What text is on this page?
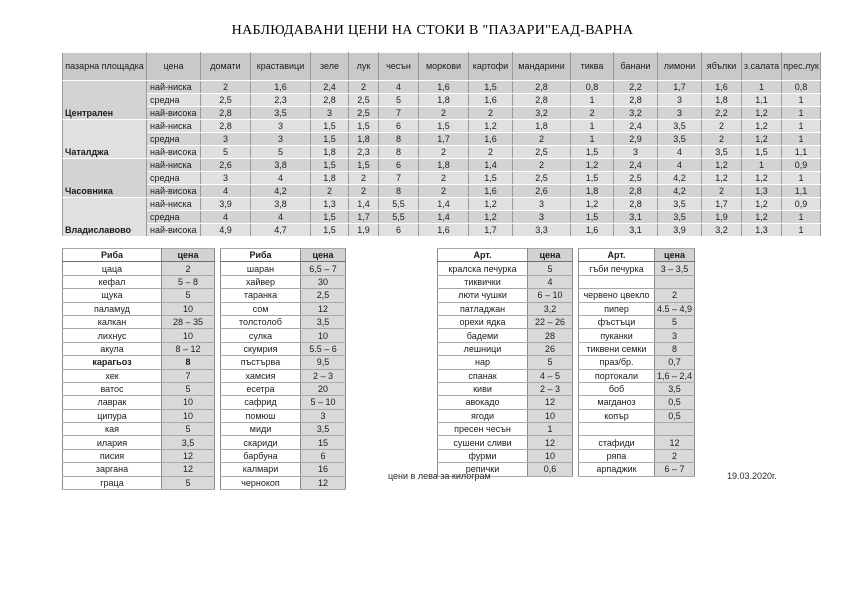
НАБЛЮДАВАНИ ЦЕНИ НА СТОКИ В "ПАЗАРИ"ЕАД-ВАРНА
пазарна площадка	цена	домати	краставици	зеле	лук	чесън	моркови	картофи	мандарини	тиква	банани	лимони	ябълки	з.салата	прес.лук
Централен	най-ниска	2	1,6	2,4	2	4	1,6	1,5	2,8	0,8	2,2	1,7	1,6	1	0,8
	средна	2,5	2,3	2,8	2,5	5	1,8	1,6	2,8	1	2,8	3	1,8	1,1	1
	най-висока	2,8	3,5	3	2,5	7	2	2	3,2	2	3,2	3	2,2	1,2	1
Чаталджа	най-ниска	2,8	3	1,5	1,5	6	1,5	1,2	1,8	1	2,4	3,5	2	1,2	1
	средна	3	3	1,5	1,8	8	1,7	1,6	2	1	2,9	3,5	2	1,2	1
	най-висока	5	5	1,8	2,3	8	2	2	2,5	1,5	3	4	3,5	1,5	1,1
Часовника	най-ниска	2,6	3,8	1,5	1,5	6	1,8	1,4	2	1,2	2,4	4	1,2	1	0,9
	средна	3	4	1,8	2	7	2	1,5	2,5	1,5	2,5	4,2	1,2	1,2	1
	най-висока	4	4,2	2	2	8	2	1,6	2,6	1,8	2,8	4,2	2	1,3	1,1
Владиславово	най-ниска	3,9	3,8	1,3	1,4	5,5	1,4	1,2	3	1,2	2,8	3,5	1,7	1,2	0,9
	средна	4	4	1,5	1,7	5,5	1,4	1,2	3	1,5	3,1	3,5	1,9	1,2	1
	най-висока	4,9	4,7	1,5	1,9	6	1,6	1,7	3,3	1,6	3,1	3,9	3,2	1,3	1
Риба	цена
цаца	2
кефал	5 – 8
щука	5
паламуд	10
калкан	28 – 35
лихнус	10
акула	8 – 12
карагьоз	8
хек	7
ватос	5
лаврак	10
ципура	10
кая	5
илария	3,5
писия	12
заргана	12
граца	5
Риба	цена
шаран	6,5 – 7
хайвер	30
таранка	2,5
сом	12
толстолоб	3,5
сулка	10
скумрия	5.5 – 6
пъстърва	9,5
хамсия	2 – 3
есетра	20
сафрид	5 – 10
помюш	3
миди	3,5
скариди	15
барбуна	6
калмари	16
чернокоп	12
Арт.	цена
кралска печурка	5
тиквички	4
люти чушки	6 – 10
патладжан	3,2
орехи ядка	22 – 26
бадеми	28
лешници	26
нар	5
спанак	4 – 5
киви	2 – 3
авокадо	12
ягоди	10
пресен чесън	1
сушени сливи	12
фурми	10
репички	0,6
Арт.	цена
гъби печурка	3 – 3,5

червено цвекло	2
пипер	4.5 – 4,9
фъстъци	5
пуканки	3
тиквени семки	8
праз/бр.	0,7
портокали	1,6 – 2,4
боб	3,5
магданоз	0,5
копър	0,5

стафиди	12
ряпа	2
арпаджик	6 – 7
цени в лева за килограм	19.03.2020г.
